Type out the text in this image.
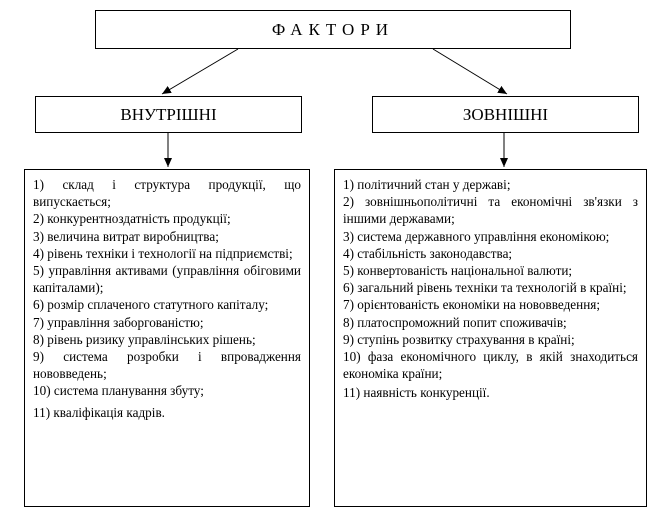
ФАКТОРИ
ВНУТРІШНІ	ЗОВНІШНІ

1) склад і структура продукції, що випускається;

2) конкурентноздатність продукції;

3) величина витрат виробництва;

4) рівень техніки і технології на підприємстві;

5) управління активами (управління обіговими капіталами);

6) розмір сплаченого статутного капіталу;

7) управління заборгованістю;

8) рівень ризику управлінських рішень;

9) система розробки і впровадження нововведень;

10) система планування збуту;

11) кваліфікація кадрів.

1) політичний стан у державі;

2) зовнішньополітичні та економічні зв'язки з іншими державами;

3) система державного управління економікою;

4) стабільність законодавства;

5) конвертованість національної валюти;

6) загальний рівень техніки та технологій в країні;

7) орієнтованість економіки на нововведення;

8) платоспроможний попит споживачів;

9) ступінь розвитку страхування в країні;

10) фаза економічного циклу, в якій знаходиться економіка країни;

11) наявність конкуренції.
